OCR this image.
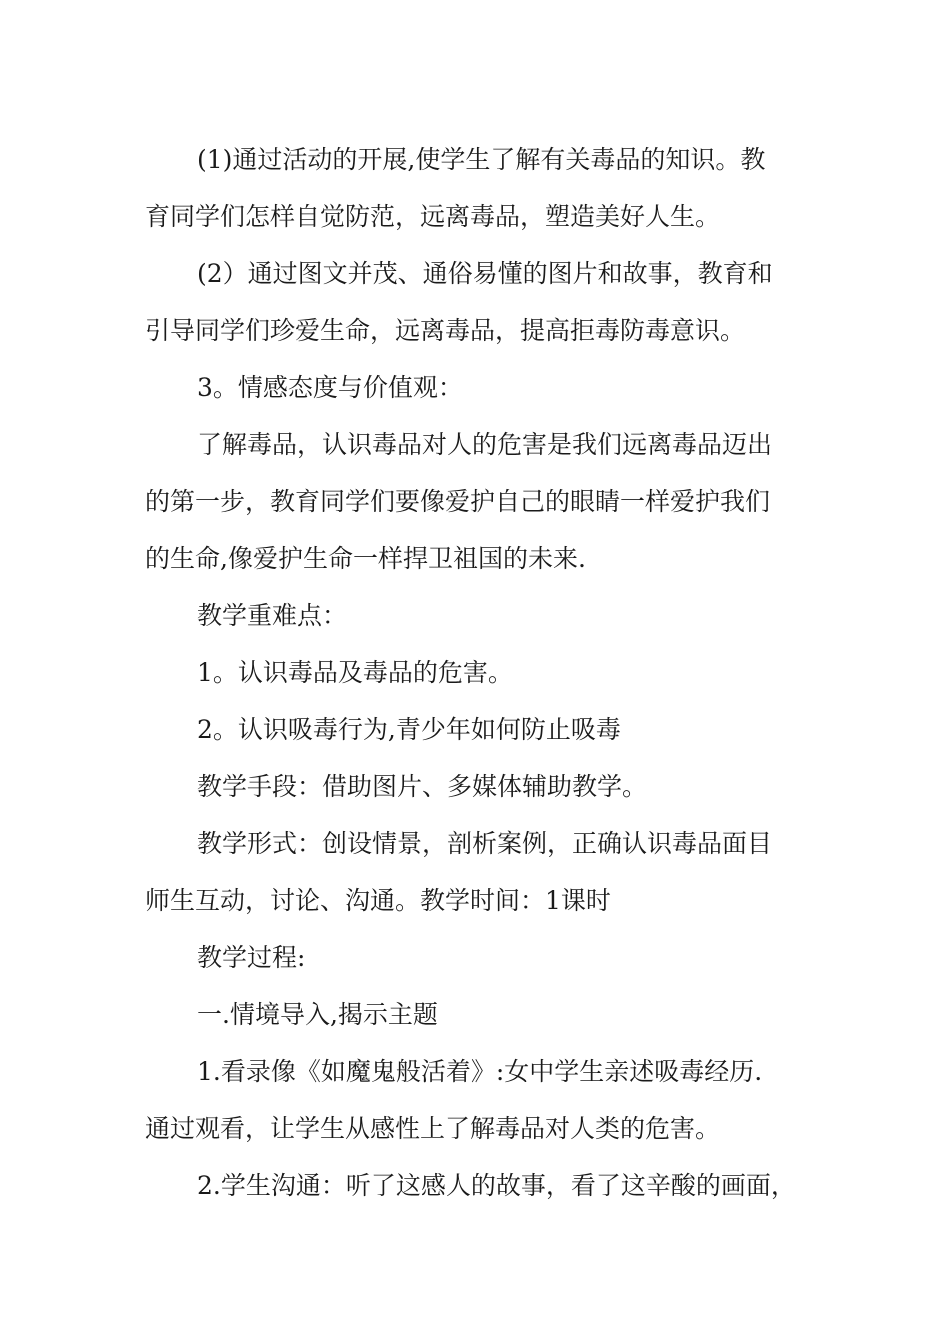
(1)通过活动的开展,使学生了解有关毒品的知识。教

育同学们怎样自觉防范，远离毒品，塑造美好人生。

(2）通过图文并茂、通俗易懂的图片和故事，教育和

引导同学们珍爱生命，远离毒品，提高拒毒防毒意识。

3。情感态度与价值观：

了解毒品，认识毒品对人的危害是我们远离毒品迈出

的第一步，教育同学们要像爱护自己的眼睛一样爱护我们

的生命,像爱护生命一样捍卫祖国的未来.

教学重难点：

1。认识毒品及毒品的危害。

2。认识吸毒行为,青少年如何防止吸毒

教学手段：借助图片、多媒体辅助教学。

教学形式：创设情景，剖析案例，正确认识毒品面目

师生互动，讨论、沟通。教学时间：1课时

教学过程:

一.情境导入,揭示主题

1.看录像《如魔鬼般活着》:女中学生亲述吸毒经历.

通过观看，让学生从感性上了解毒品对人类的危害。

2.学生沟通：听了这感人的故事，看了这辛酸的画面，
